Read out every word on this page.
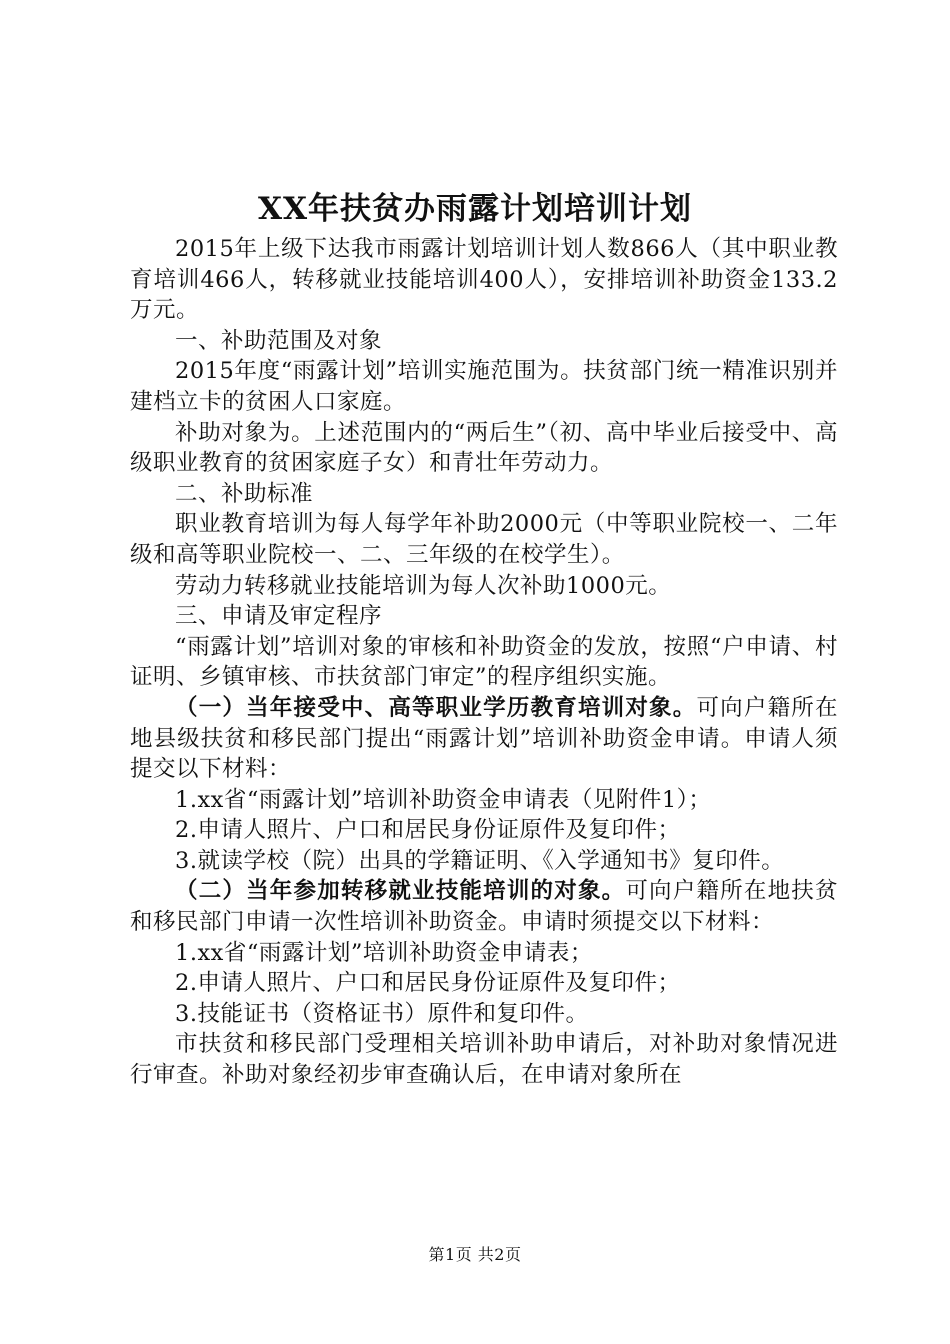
XX年扶贫办雨露计划培训计划

2015年上级下达我市雨露计划培训计划人数866人（其中职业教育培训466人，转移就业技能培训400人），安排培训补助资金133.2万元。

一、补助范围及对象

2015年度“雨露计划”培训实施范围为。扶贫部门统一精准识别并建档立卡的贫困人口家庭。

补助对象为。上述范围内的“两后生”（初、高中毕业后接受中、高级职业教育的贫困家庭子女）和青壮年劳动力。

二、补助标准

职业教育培训为每人每学年补助2000元（中等职业院校一、二年级和高等职业院校一、二、三年级的在校学生）。

劳动力转移就业技能培训为每人次补助1000元。

三、申请及审定程序

“雨露计划”培训对象的审核和补助资金的发放，按照“户申请、村证明、乡镇审核、市扶贫部门审定”的程序组织实施。

（一）当年接受中、高等职业学历教育培训对象。可向户籍所在地县级扶贫和移民部门提出“雨露计划”培训补助资金申请。申请人须提交以下材料：

1.xx省“雨露计划”培训补助资金申请表（见附件1）；

2.申请人照片、户口和居民身份证原件及复印件；

3.就读学校（院）出具的学籍证明、《入学通知书》复印件。

（二）当年参加转移就业技能培训的对象。可向户籍所在地扶贫和移民部门申请一次性培训补助资金。申请时须提交以下材料：

1.xx省“雨露计划”培训补助资金申请表；

2.申请人照片、户口和居民身份证原件及复印件；

3.技能证书（资格证书）原件和复印件。

市扶贫和移民部门受理相关培训补助申请后，对补助对象情况进行审查。补助对象经初步审查确认后，在申请对象所在

第1页 共2页
